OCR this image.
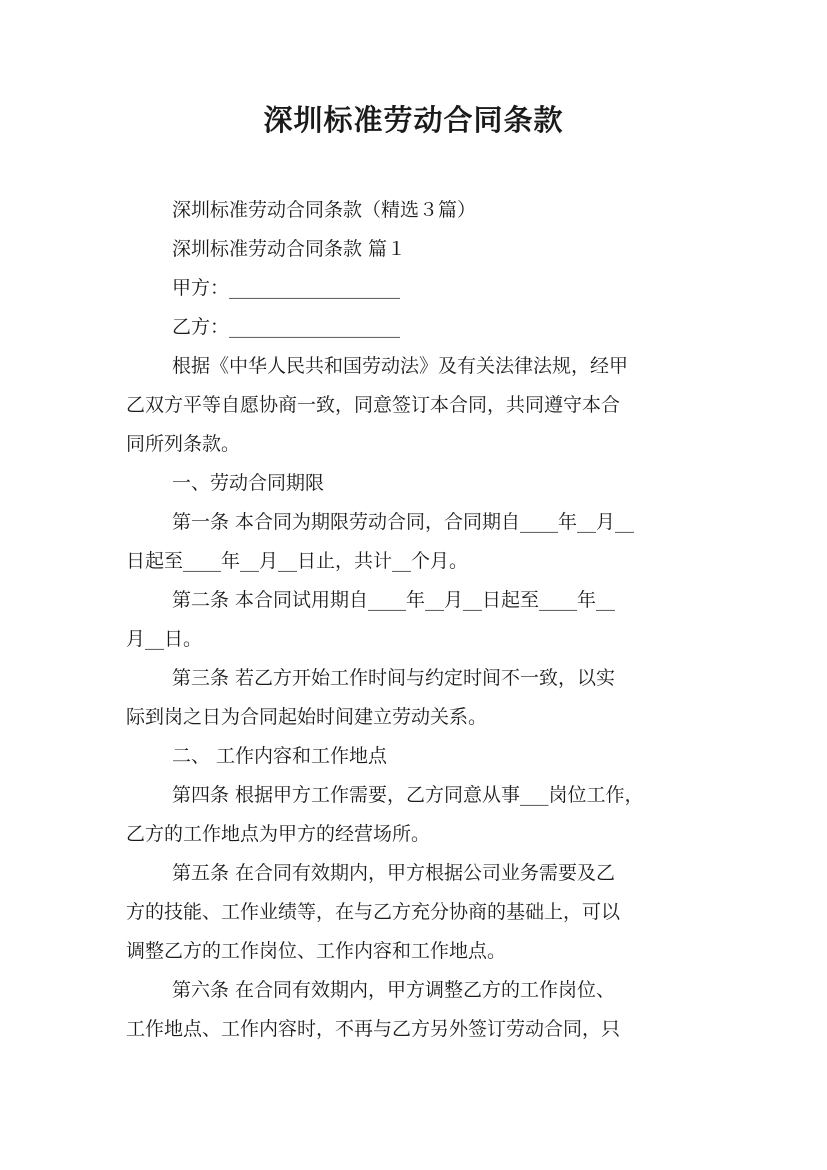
深圳标准劳动合同条款
深圳标准劳动合同条款（精选３篇）
深圳标准劳动合同条款 篇１
甲方：__________________
乙方：__________________
根据《中华人民共和国劳动法》及有关法律法规，经甲
乙双方平等自愿协商一致，同意签订本合同，共同遵守本合
同所列条款。
一、劳动合同期限
第一条 本合同为期限劳动合同，合同期自____年__月__
日起至____年__月__日止，共计__个月。
第二条 本合同试用期自____年__月__日起至____年__
月__日。
第三条 若乙方开始工作时间与约定时间不一致，以实
际到岗之日为合同起始时间建立劳动关系。
二、 工作内容和工作地点
第四条 根据甲方工作需要，乙方同意从事___岗位工作，
乙方的工作地点为甲方的经营场所。
第五条 在合同有效期内，甲方根据公司业务需要及乙
方的技能、工作业绩等，在与乙方充分协商的基础上，可以
调整乙方的工作岗位、工作内容和工作地点。
第六条 在合同有效期内，甲方调整乙方的工作岗位、
工作地点、工作内容时，不再与乙方另外签订劳动合同，只
